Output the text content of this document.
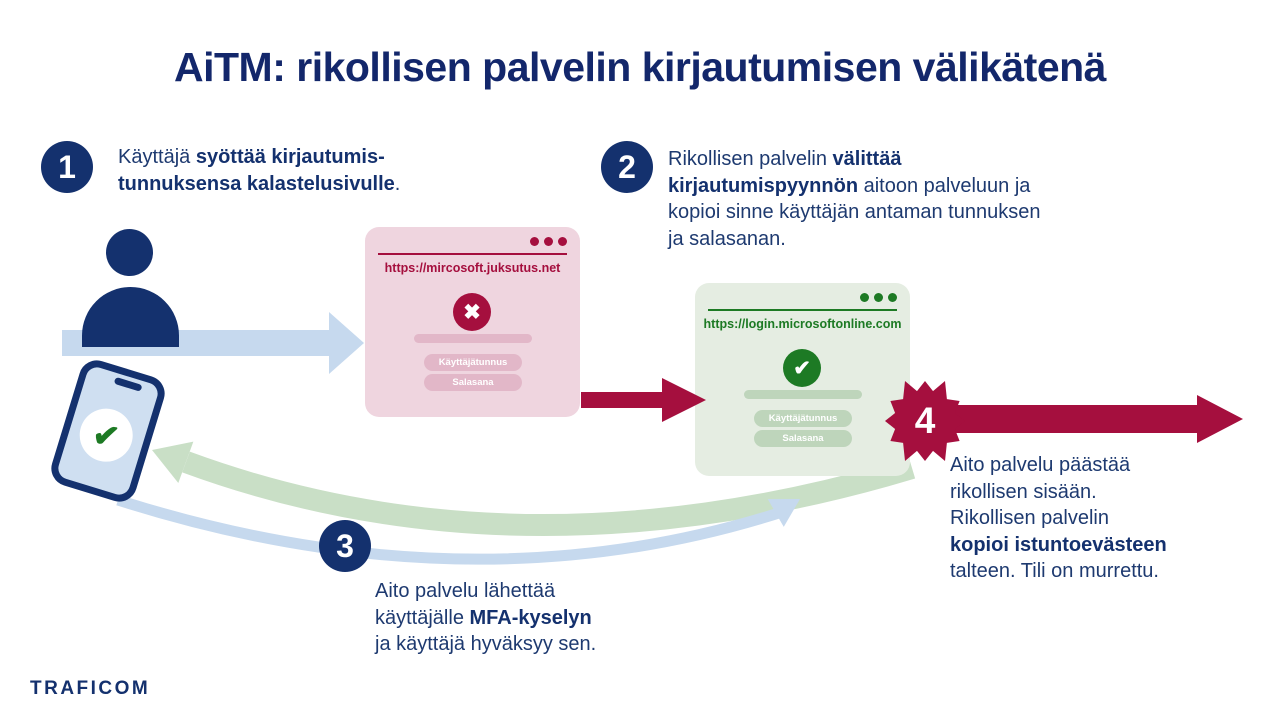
✔
https://mircosoft.juksutus.net
✖
Käyttäjätunnus
Salasana
https://login.microsoftonline.com
✔
Käyttäjätunnus
Salasana
1 Käyttäjä syöttää kirjautumis-
tunnuksensa kalastelusivulle.	2 Rikollisen palvelin välittää
kirjautumispyynnön aitoon palveluun ja
kopioi sinne käyttäjän antaman tunnuksen
ja salasanan.
3
Aito palvelu lähettää
käyttäjälle MFA-kyselyn
ja käyttäjä hyväksyy sen.
4
Aito palvelu päästää
rikollisen sisään.
Rikollisen palvelin
kopioi istuntoevästeen
talteen. Tili on murrettu.
AiTM: rikollisen palvelin kirjautumisen välikätenä
TRAFICOM
